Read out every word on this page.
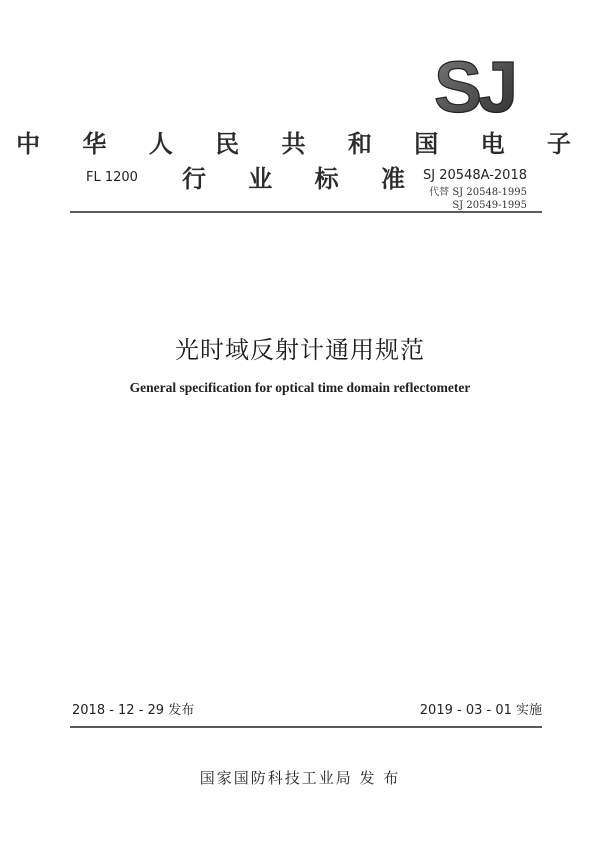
SJ
中 华 人 民 共 和 国 电 子 行 业 标 准
FL 1200	SJ 20548A-2018
代替 SJ 20548-1995
SJ 20549-1995
光时域反射计通用规范
General specification for optical time domain reflectometer
2018 - 12 - 29 发布	2019 - 03 - 01 实施
国家国防科技工业局 发 布
